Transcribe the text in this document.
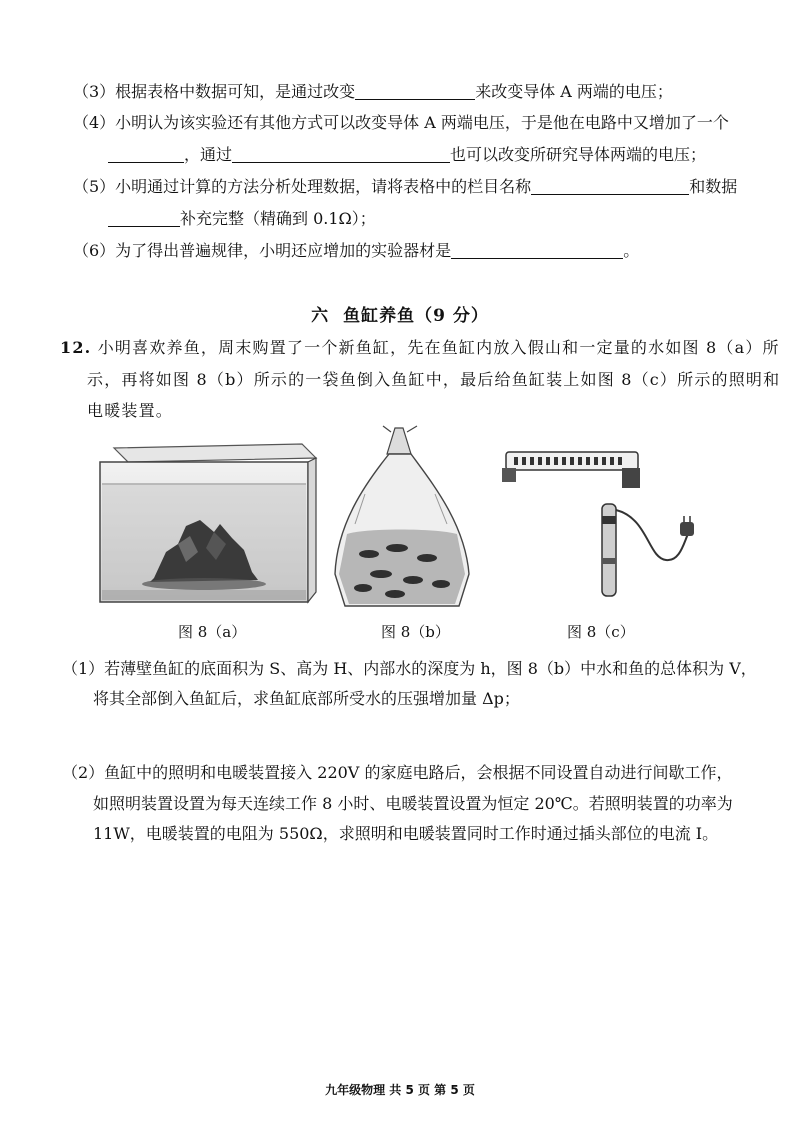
（3）根据表格中数据可知，是通过改变	来改变导体 A 两端的电压；
（4）小明认为该实验还有其他方式可以改变导体 A 两端电压，于是他在电路中又增加了一个
，通过	也可以改变所研究导体两端的电压；
（5）小明通过计算的方法分析处理数据，请将表格中的栏目名称	和数据
补充完整（精确到 0.1Ω）；
（6）为了得出普遍规律，小明还应增加的实验器材是	。
六 鱼缸养鱼（9 分）
12. 小明喜欢养鱼，周末购置了一个新鱼缸，先在鱼缸内放入假山和一定量的水如图 8（a）所
示，再将如图 8（b）所示的一袋鱼倒入鱼缸中，最后给鱼缸装上如图 8（c）所示的照明和
电暖装置。
图 8（a）	图 8（b）	图 8（c）
（1）若薄壁鱼缸的底面积为 S、高为 H、内部水的深度为 h，图 8（b）中水和鱼的总体积为 V，
将其全部倒入鱼缸后，求鱼缸底部所受水的压强增加量 Δp；
（2）鱼缸中的照明和电暖装置接入 220V 的家庭电路后，会根据不同设置自动进行间歇工作，
如照明装置设置为每天连续工作 8 小时、电暖装置设置为恒定 20℃。若照明装置的功率为
11W，电暖装置的电阻为 550Ω，求照明和电暖装置同时工作时通过插头部位的电流 I。
九年级物理 共 5 页 第 5 页
